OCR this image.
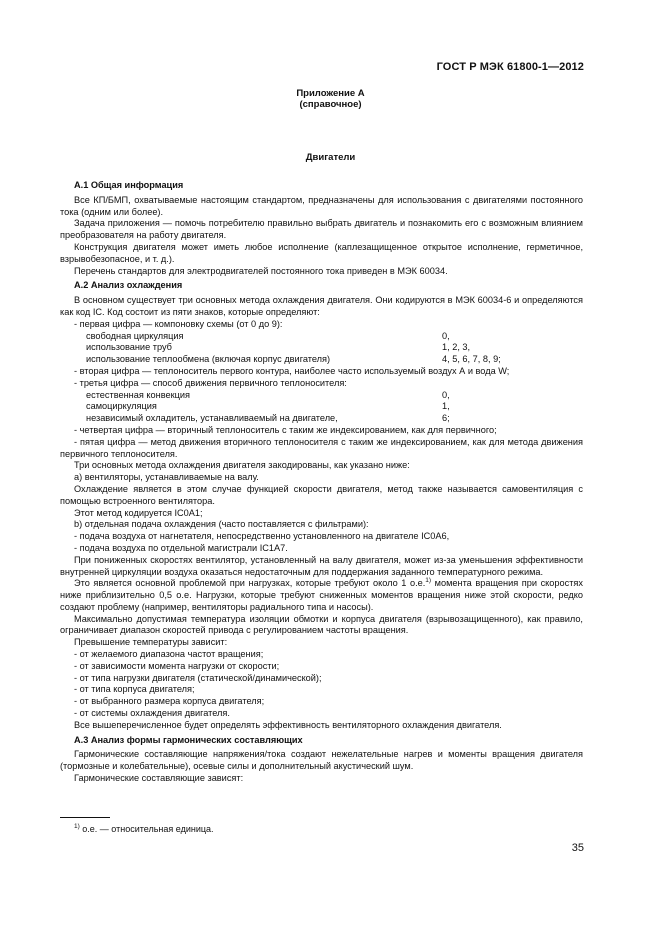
ГОСТ Р МЭК 61800-1—2012
Приложение А
(справочное)
Двигатели

А.1 Общая информация

Все КП/БМП, охватываемые настоящим стандартом, предназначены для использования с двигателями постоянного тока (одним или более).

Задача приложения — помочь потребителю правильно выбрать двигатель и познакомить его с возможным влиянием преобразователя на работу двигателя.

Конструкция двигателя может иметь любое исполнение (каплезащищенное открытое исполнение, герметичное, взрывобезопасное, и т. д.).

Перечень стандартов для электродвигателей постоянного тока приведен в МЭК 60034.

А.2 Анализ охлаждения

В основном существует три основных метода охлаждения двигателя. Они кодируются в МЭК 60034-6 и определяются как код IC. Код состоит из пяти знаков, которые определяют:

- первая цифра — компоновку схемы (от 0 до 9):

свободная циркуляция	0,
использование труб	1, 2, 3,
использование теплообмена (включая корпус двигателя)	4, 5, 6, 7, 8, 9;

- вторая цифра — теплоноситель первого контура, наиболее часто используемый воздух А и вода W;

- третья цифра — способ движения первичного теплоносителя:

естественная конвекция	0,
самоциркуляция	1,
независимый охладитель, устанавливаемый на двигателе,	6;

- четвертая цифра — вторичный теплоноситель с таким же индексированием, как для первичного;

- пятая цифра — метод движения вторичного теплоносителя с таким же индексированием, как для метода движения первичного теплоносителя.

Три основных метода охлаждения двигателя закодированы, как указано ниже:

а) вентиляторы, устанавливаемые на валу.

Охлаждение является в этом случае функцией скорости двигателя, метод также называется самовентиляция с помощью встроенного вентилятора.

Этот метод кодируется IC0A1;

b) отдельная подача охлаждения (часто поставляется с фильтрами):

- подача воздуха от нагнетателя, непосредственно установленного на двигателе IC0A6,

- подача воздуха по отдельной магистрали IC1A7.

При пониженных скоростях вентилятор, установленный на валу двигателя, может из-за уменьшения эффективности внутренней циркуляции воздуха оказаться недостаточным для поддержания заданного температурного режима.

Это является основной проблемой при нагрузках, которые требуют около 1 о.е.$^{1)}$ момента вращения при скоростях ниже приблизительно 0,5 о.е. Нагрузки, которые требуют сниженных моментов вращения ниже этой скорости, редко создают проблему (например, вентиляторы радиального типа и насосы).

Максимально допустимая температура изоляции обмотки и корпуса двигателя (взрывозащищенного), как правило, ограничивает диапазон скоростей привода с регулированием частоты вращения.

Превышение температуры зависит:

- от желаемого диапазона частот вращения;

- от зависимости момента нагрузки от скорости;

- от типа нагрузки двигателя (статической/динамической);

- от типа корпуса двигателя;

- от выбранного размера корпуса двигателя;

- от системы охлаждения двигателя.

Все вышеперечисленное будет определять эффективность вентиляторного охлаждения двигателя.

А.3 Анализ формы гармонических составляющих

Гармонические составляющие напряжения/тока создают нежелательные нагрев и моменты вращения двигателя (тормозные и колебательные), осевые силы и дополнительный акустический шум.

Гармонические составляющие зависят:

$^{1)}$ о.е. — относительная единица.
35
